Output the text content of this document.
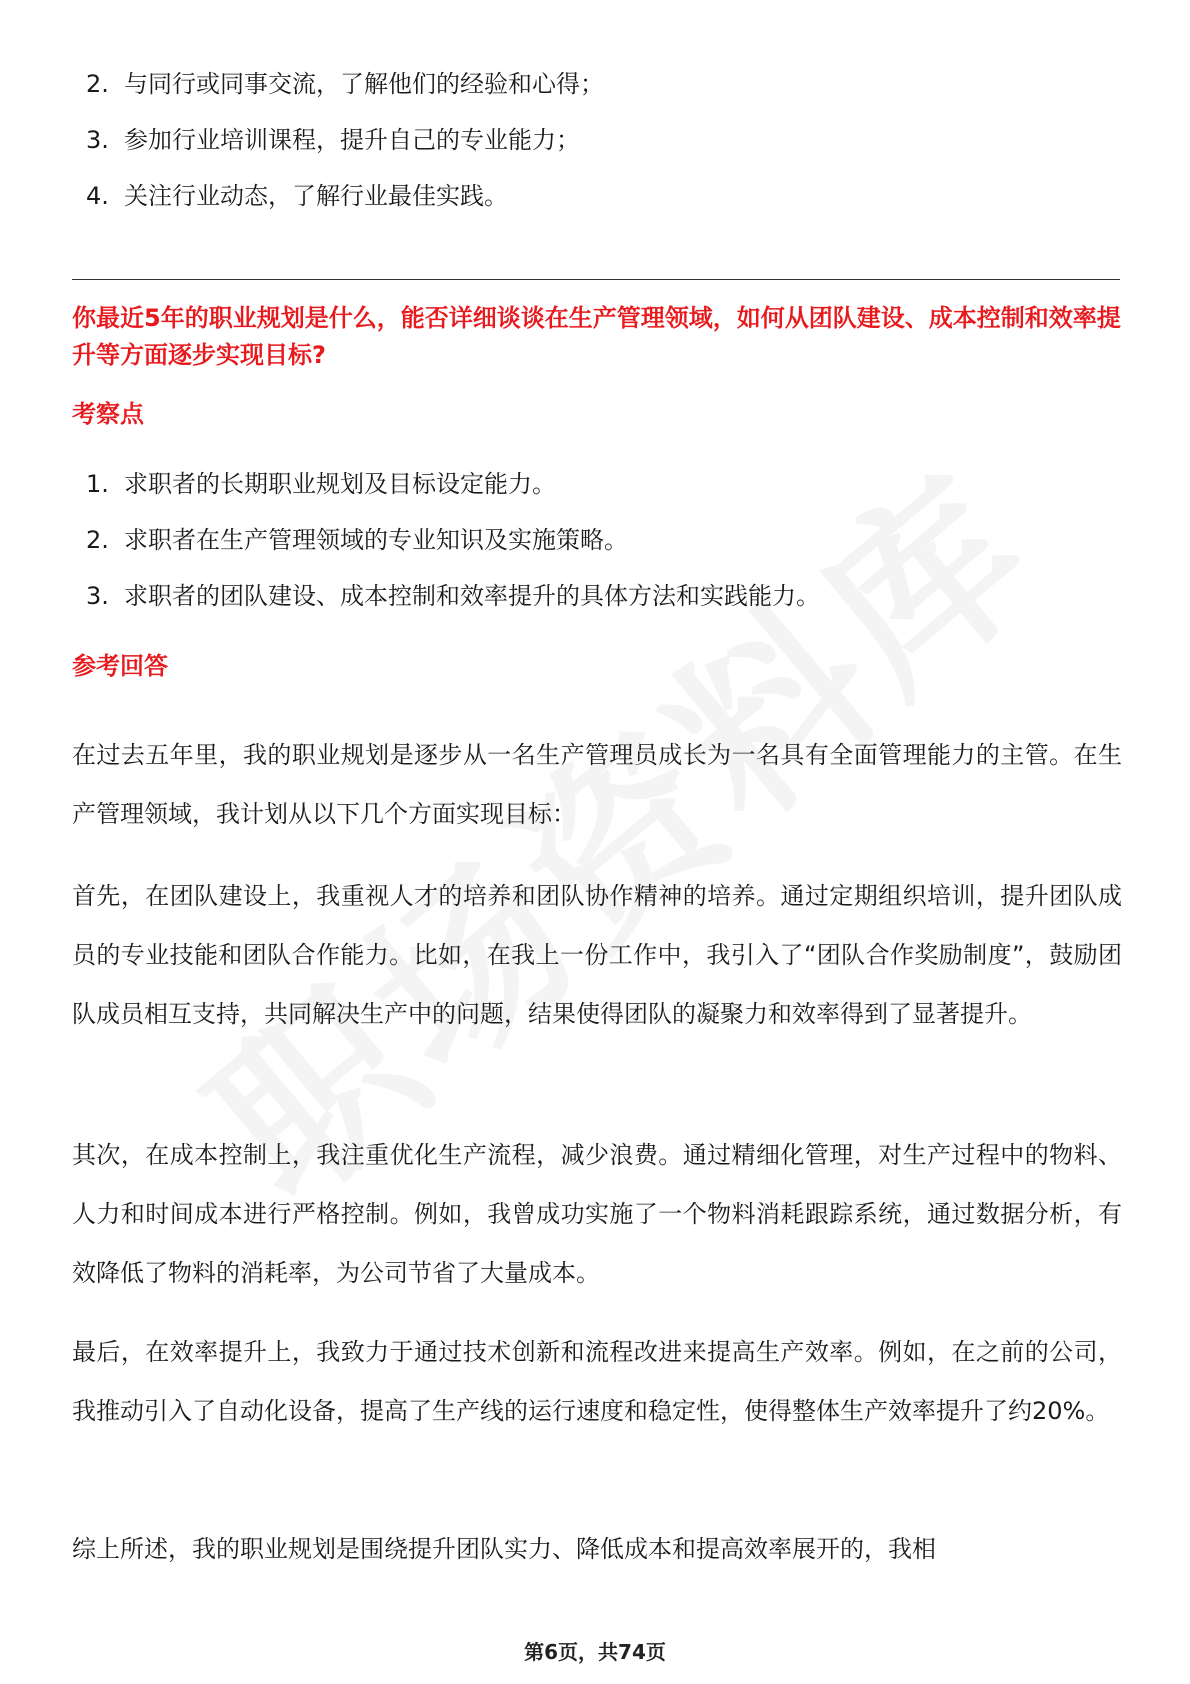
2. 与同行或同事交流，了解他们的经验和心得；
3. 参加行业培训课程，提升自己的专业能力；
4. 关注行业动态，了解行业最佳实践。

你最近5年的职业规划是什么，能否详细谈谈在生产管理领域，如何从团队建设、成本控制和效率提升等方面逐步实现目标?

考察点

1. 求职者的长期职业规划及目标设定能力。
2. 求职者在生产管理领域的专业知识及实施策略。
3. 求职者的团队建设、成本控制和效率提升的具体方法和实践能力。

参考回答

在过去五年里，我的职业规划是逐步从一名生产管理员成长为一名具有全面管理能力的主管。在生产管理领域，我计划从以下几个方面实现目标：

首先，在团队建设上，我重视人才的培养和团队协作精神的培养。通过定期组织培训，提升团队成员的专业技能和团队合作能力。比如，在我上一份工作中，我引入了“团队合作奖励制度”，鼓励团队成员相互支持，共同解决生产中的问题，结果使得团队的凝聚力和效率得到了显著提升。

其次，在成本控制上，我注重优化生产流程，减少浪费。通过精细化管理，对生产过程中的物料、人力和时间成本进行严格控制。例如，我曾成功实施了一个物料消耗跟踪系统，通过数据分析，有效降低了物料的消耗率，为公司节省了大量成本。

最后，在效率提升上，我致力于通过技术创新和流程改进来提高生产效率。例如，在之前的公司，我推动引入了自动化设备，提高了生产线的运行速度和稳定性，使得整体生产效率提升了约20%。

综上所述，我的职业规划是围绕提升团队实力、降低成本和提高效率展开的，我相

第6页，共74页
